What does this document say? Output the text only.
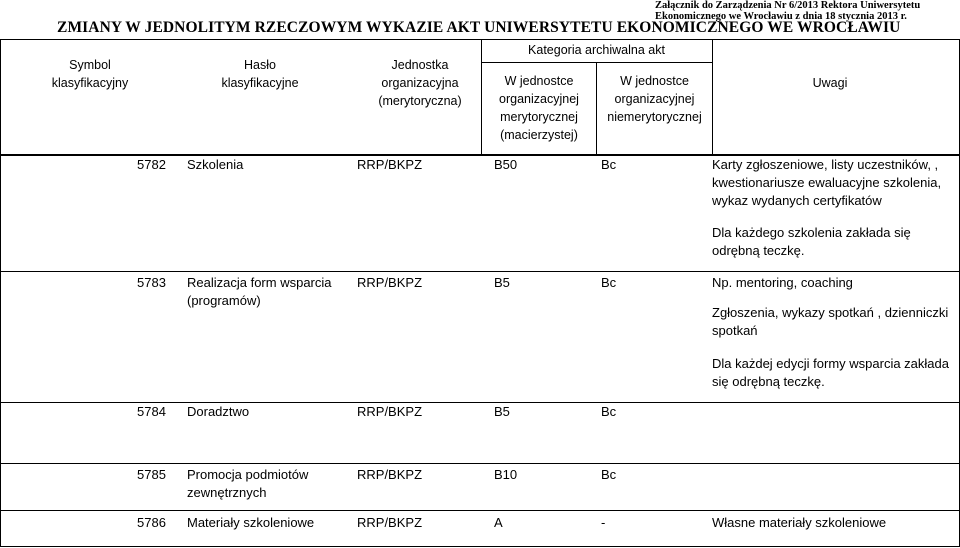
Załącznik do Zarządzenia Nr 6/2013 Rektora Uniwersytetu
Ekonomicznego we Wrocławiu z dnia 18 stycznia 2013 r.
ZMIANY W JEDNOLITYM RZECZOWYM WYKAZIE AKT UNIWERSYTETU EKONOMICZNEGO WE WROCŁAWIU
Symbol
klasyfikacyjny
Hasło
klasyfikacyjne
Jednostka
organizacyjna
(merytoryczna)
Kategoria archiwalna akt
W jednostce
organizacyjnej
merytorycznej
(macierzystej)
W jednostce
organizacyjnej
niemerytorycznej
Uwagi
5782 Szkolenia	RRP/BKPZ	B50	Bc	Karty zgłoszeniowe, listy uczestników, , kwestionariusze ewaluacyjne szkolenia, wykaz wydanych certyfikatów
Dla każdego szkolenia zakłada się odrębną teczkę.
5783 Realizacja form wsparcia (programów)
RRP/BKPZ	B5	Bc	Np. mentoring, coaching
Zgłoszenia, wykazy spotkań , dzienniczki spotkań
Dla każdej edycji formy wsparcia zakłada się odrębną teczkę.
5784 Doradztwo	RRP/BKPZ	B5	Bc
5785 Promocja podmiotów zewnętrznych
RRP/BKPZ	B10	Bc
5786 Materiały szkoleniowe	RRP/BKPZ	A	-	Własne materiały szkoleniowe
